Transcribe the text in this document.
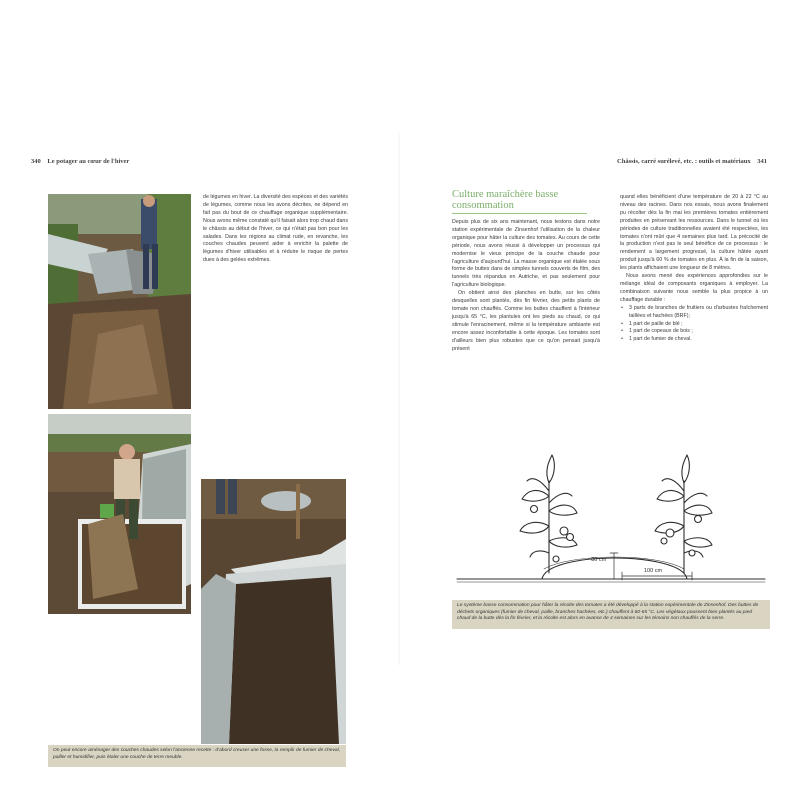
340 Le potager au cœur de l'hiver

de légumes en hiver. La diversité des espèces et des variétés de légumes, comme nous les avons décrites, ne dépend en fait pas du bout de ce chauffage organique supplémentaire. Nous avons même constaté qu'il faisait alors trop chaud dans le châssis au début de l'hiver, ce qui n'était pas bon pour les salades. Dans les régions au climat rude, en revanche, les couches chaudes peuvent aider à enrichir la palette de légumes d'hiver utilisables et à réduire le risque de pertes dues à des gelées extrêmes.

On peut encore aménager des couches chaudes selon l'ancienne recette : d'abord creuser une fosse, la remplir de fumier de cheval, pailler et humidifier, puis étaler une couche de terre meuble.
Châssis, carré surélevé, etc. : outils et matériaux 341
Culture maraîchère basse consommation

Depuis plus de six ans maintenant, nous testons dans notre station expérimentale de Zinsenhof l'utilisation de la chaleur organique pour hâter la culture des tomates. Au cours de cette période, nous avons réussi à développer un processus qui modernise le vieux principe de la couche chaude pour l'agriculture d'aujourd'hui. La masse organique est étalée sous forme de buttes dans de simples tunnels couverts de film, des tunnels très répandus en Autriche, et pas seulement pour l'agriculture biologique.

On obtient ainsi des planches en butte, sur les côtés desquelles sont plantés, dès fin février, des petits plants de tomate non chauffés. Comme les buttes chauffent à l'intérieur jusqu'à 65 °C, les plantules ont les pieds au chaud, ce qui stimule l'enracinement, même si la température ambiante est encore assez inconfortable à cette époque. Les tomates sont d'ailleurs bien plus robustes que ce qu'on pensait jusqu'à présent

quand elles bénéficient d'une température de 20 à 22 °C au niveau des racines. Dans nos essais, nous avons finalement pu récolter dès la fin mai les premières tomates entièrement produites en préservant les ressources. Dans le tunnel où les périodes de culture traditionnelles avaient été respectées, les tomates n'ont mûri que 4 semaines plus tard. La précocité de la production n'est pas le seul bénéfice de ce processus : le rendement a largement progressé, la culture hâtée ayant produit jusqu'à 60 % de tomates en plus. À la fin de la saison, les plants affichaient une longueur de 8 mètres.

Nous avons mené des expériences approfondies sur le mélange idéal de composants organiques à employer. La combinaison suivante nous semble la plus propice à un chauffage durable :

• 3 parts de branches de fruitiers ou d'arbustes fraîchement taillées et hachées (BRF);
• 1 part de paille de blé ;
• 1 part de copeaux de bois ;
• 1 part de fumier de cheval.
~80 cm
100 cm
Le système basse consommation pour hâter la récolte des tomates a été développé à la station expérimentale de Zinsenhof. Des buttes de déchets organiques (fumier de cheval, paille, branches hachées, etc.) chauffent à 60-65 °C. Les végétaux poussent bien plantés au pied chaud de la butte dès la fin février, et la récolte est alors en avance de 4 semaines sur les témoins non chauffés de la serre.
